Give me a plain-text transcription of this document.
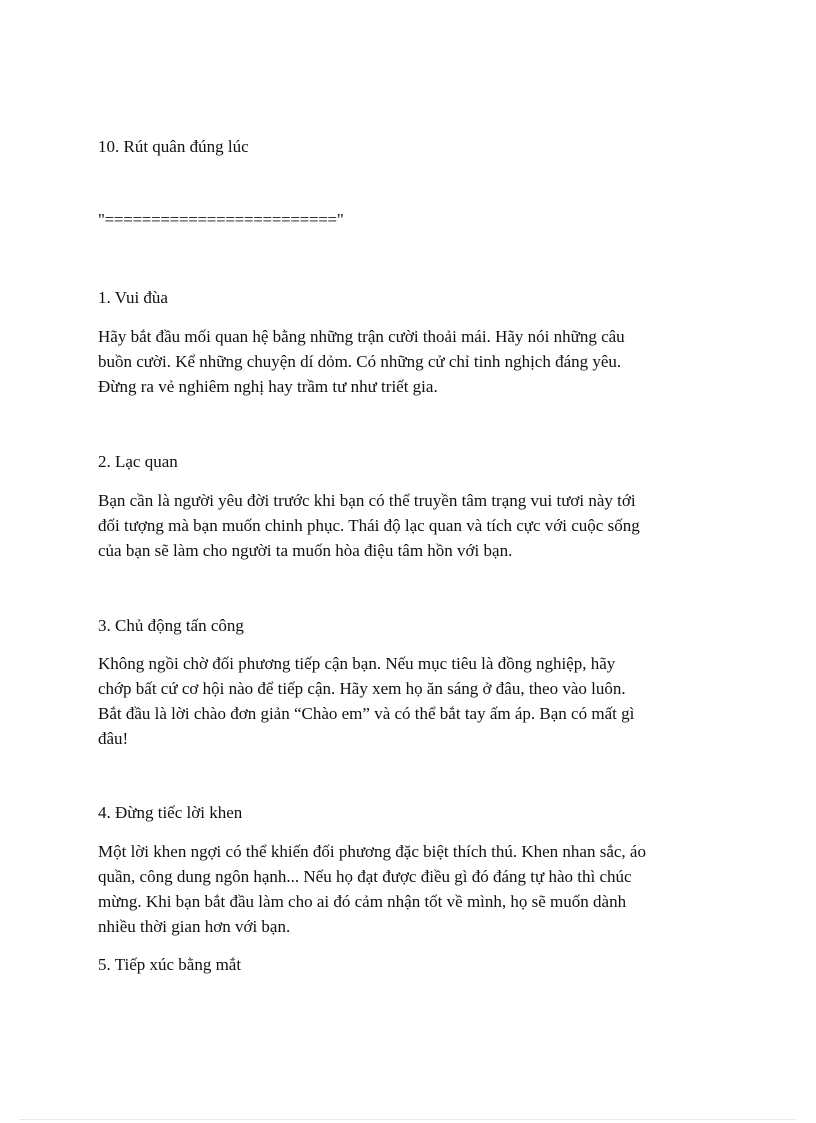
10. Rút quân đúng lúc

"========================="

1. Vui đùa

Hãy bắt đầu mối quan hệ bằng những trận cười thoải mái. Hãy nói những câu
buồn cười. Kể những chuyện dí dỏm. Có những cử chỉ tinh nghịch đáng yêu.
Đừng ra vẻ nghiêm nghị hay trầm tư như triết gia.

2. Lạc quan

Bạn cần là người yêu đời trước khi bạn có thể truyền tâm trạng vui tươi này tới
đối tượng mà bạn muốn chinh phục. Thái độ lạc quan và tích cực với cuộc sống
của bạn sẽ làm cho người ta muốn hòa điệu tâm hồn với bạn.

3. Chủ động tấn công

Không ngồi chờ đối phương tiếp cận bạn. Nếu mục tiêu là đồng nghiệp, hãy
chớp bất cứ cơ hội nào để tiếp cận. Hãy xem họ ăn sáng ở đâu, theo vào luôn.
Bắt đầu là lời chào đơn giản “Chào em” và có thể bắt tay ấm áp. Bạn có mất gì
đâu!

4. Đừng tiếc lời khen

Một lời khen ngợi có thể khiến đối phương đặc biệt thích thú. Khen nhan sắc, áo
quần, công dung ngôn hạnh... Nếu họ đạt được điều gì đó đáng tự hào thì chúc
mừng. Khi bạn bắt đầu làm cho ai đó cảm nhận tốt về mình, họ sẽ muốn dành
nhiều thời gian hơn với bạn.

5. Tiếp xúc bằng mắt
